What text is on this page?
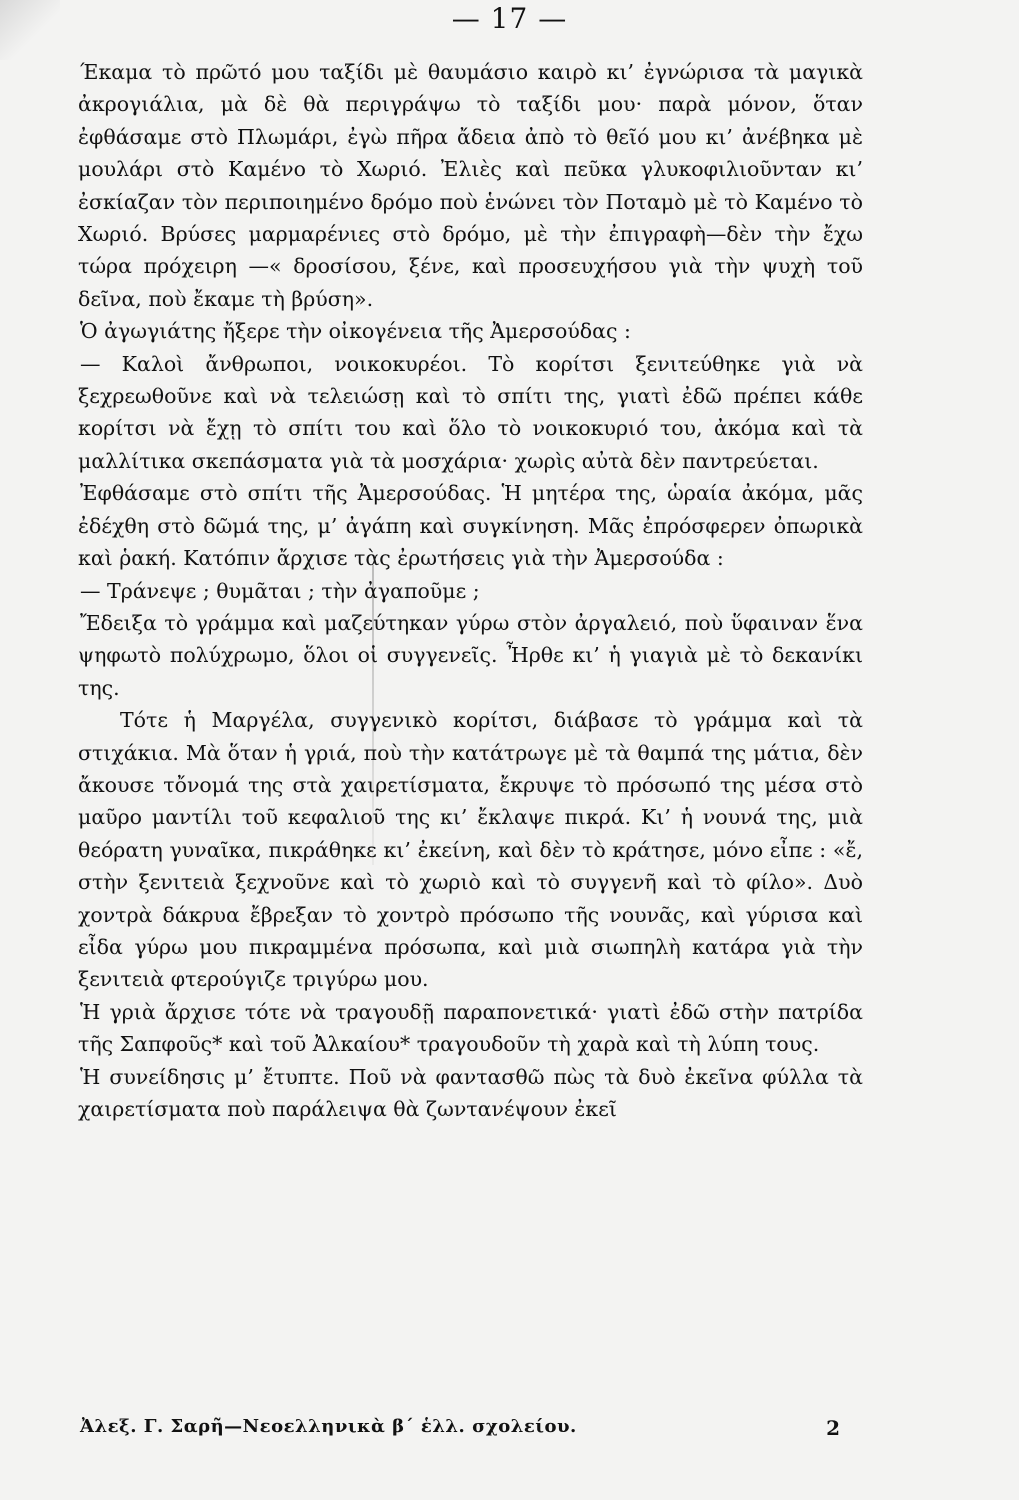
— 17 —

Έκαμα τὸ πρῶτό μου ταξίδι μὲ θαυμάσιο καιρὸ κι’ ἐγνώρισα τὰ μαγικὰ ἀκρογιάλια, μὰ δὲ θὰ περιγράψω τὸ ταξίδι μου· παρὰ μόνον, ὅταν ἐφθάσαμε στὸ Πλωμάρι, ἐγὼ πῆρα ἄδεια ἀπὸ τὸ θεῖό μου κι’ ἀνέβηκα μὲ μουλάρι στὸ Καμένο τὸ Χωριό. Ἐλιὲς καὶ πεῦκα γλυκοφιλιοῦνταν κι’ ἐσκίαζαν τὸν περιποιημένο δρόμο ποὺ ἑνώνει τὸν Ποταμὸ μὲ τὸ Καμένο τὸ Χωριό. Βρύσες μαρμαρένιες στὸ δρόμο, μὲ τὴν ἐπιγραφὴ—δὲν τὴν ἔχω τώρα πρόχειρη —« δροσίσου, ξένε, καὶ προσευχήσου γιὰ τὴν ψυχὴ τοῦ δεῖνα, ποὺ ἔκαμε τὴ βρύση».

Ὁ ἀγωγιάτης ἤξερε τὴν οἰκογένεια τῆς Ἀμερσούδας :

— Καλοὶ ἄνθρωποι, νοικοκυρέοι. Τὸ κορίτσι ξενιτεύθηκε γιὰ νὰ ξεχρεωθοῦνε καὶ νὰ τελειώσῃ καὶ τὸ σπίτι της, γιατὶ ἐδῶ πρέπει κάθε κορίτσι νὰ ἔχῃ τὸ σπίτι του καὶ ὅλο τὸ νοικοκυριό του, ἀκόμα καὶ τὰ μαλλίτικα σκεπάσματα γιὰ τὰ μοσχάρια· χωρὶς αὐτὰ δὲν παντρεύεται.

Ἐφθάσαμε στὸ σπίτι τῆς Ἀμερσούδας. Ἡ μητέρα της, ὡραία ἀκόμα, μᾶς ἐδέχθη στὸ δῶμά της, μ’ ἀγάπη καὶ συγκίνηση. Μᾶς ἐπρόσφερεν ὀπωρικὰ καὶ ῥακή. Κατόπιν ἄρχισε τὰς ἐρωτήσεις γιὰ τὴν Ἀμερσούδα :

— Τράνεψε ; θυμᾶται ; τὴν ἀγαποῦμε ;

Ἔδειξα τὸ γράμμα καὶ μαζεύτηκαν γύρω στὸν ἀργαλειό, ποὺ ὕφαιναν ἕνα ψηφωτὸ πολύχρωμο, ὅλοι οἱ συγγενεῖς. Ἦρθε κι’ ἡ γιαγιὰ μὲ τὸ δεκανίκι της.

Τότε ἡ Μαργέλα, συγγενικὸ κορίτσι, διάβασε τὸ γράμμα καὶ τὰ στιχάκια. Μὰ ὅταν ἡ γριά, ποὺ τὴν κατάτρωγε μὲ τὰ θαμπά της μάτια, δὲν ἄκουσε τὄνομά της στὰ χαιρετίσματα, ἔκρυψε τὸ πρόσωπό της μέσα στὸ μαῦρο μαντίλι τοῦ κεφαλιοῦ της κι’ ἔκλαψε πικρά. Κι’ ἡ νουνά της, μιὰ θεόρατη γυναῖκα, πικράθηκε κι’ ἐκείνη, καὶ δὲν τὸ κράτησε, μόνο εἶπε : «ἔ, στὴν ξενιτειὰ ξεχνοῦνε καὶ τὸ χωριὸ καὶ τὸ συγγενῆ καὶ τὸ φίλο». Δυὸ χοντρὰ δάκρυα ἔβρεξαν τὸ χοντρὸ πρόσωπο τῆς νουνᾶς, καὶ γύρισα καὶ εἶδα γύρω μου πικραμμένα πρόσωπα, καὶ μιὰ σιωπηλὴ κατάρα γιὰ τὴν ξενιτειὰ φτερούγιζε τριγύρω μου.

Ἡ γριὰ ἄρχισε τότε νὰ τραγουδῇ παραπονετικά· γιατὶ ἐδῶ στὴν πατρίδα τῆς Σαπφοῦς* καὶ τοῦ Ἀλκαίου* τραγουδοῦν τὴ χαρὰ καὶ τὴ λύπη τους.

Ἡ συνείδησις μ’ ἔτυπτε. Ποῦ νὰ φαντασθῶ πὼς τὰ δυὸ ἐκεῖνα φύλλα τὰ χαιρετίσματα ποὺ παράλειψα θὰ ζωντανέψουν ἐκεῖ

Ἀλεξ. Γ. Σαρῆ—Νεοελληνικὰ β´ ἑλλ. σχολείου.	2
